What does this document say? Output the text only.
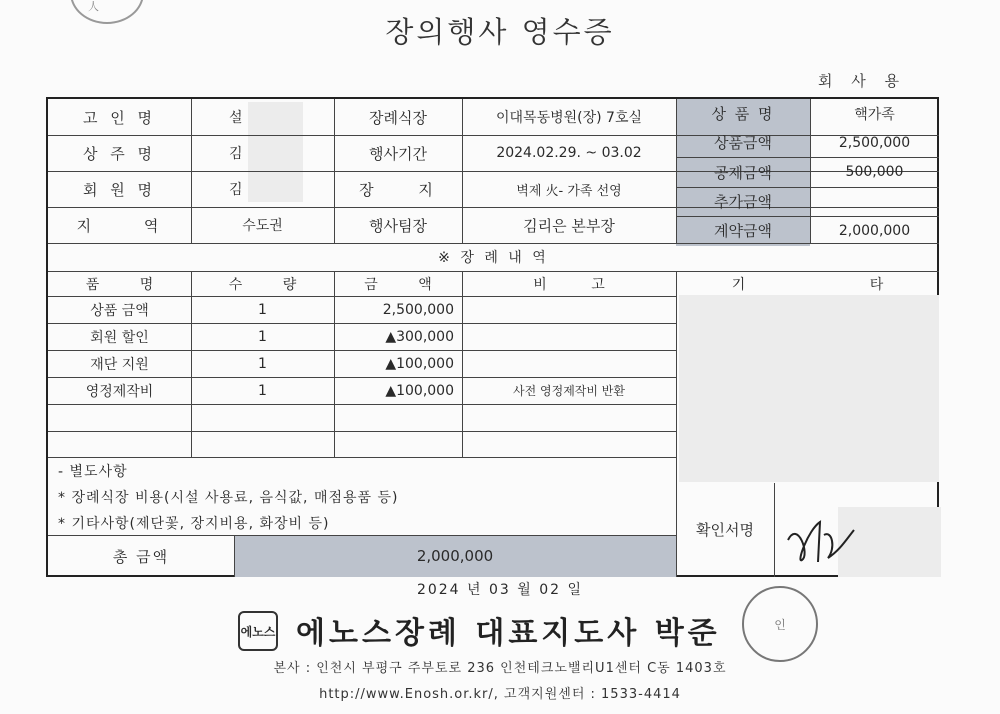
人
장의행사 영수증
회 사 용
고 인 명	설	장례식장	이대목동병원(장) 7호실
상 주 명	김	행사기간	2024.02.29. ~ 03.02
회 원 명	김	장 지	벽제 火- 가족 선영
지 역	수도권	행사팀장	김리은 본부장
상 품 명	핵가족
상품금액	2,500,000
공제금액	500,000
추가금액
계약금액	2,000,000
※ 장 례 내 역
품 명	수 량	금 액	비 고	기 타
상품 금액	1	2,500,000
회원 할인	1	▲300,000
재단 지원	1	▲100,000
영정제작비	1	▲100,000	사전 영정제작비 반환
- 별도사항
* 장례식장 비용(시설 사용료, 음식값, 매점용품 등)
* 기타사항(제단꽃, 장지비용, 화장비 등)	확인서명
총 금액	2,000,000
2024 년 03 월 02 일
에노스 에노스장례 대표지도사 박준	인
본사 : 인천시 부평구 주부토로 236 인천테크노밸리U1센터 C동 1403호
http://www.Enosh.or.kr/, 고객지원센터 : 1533-4414
